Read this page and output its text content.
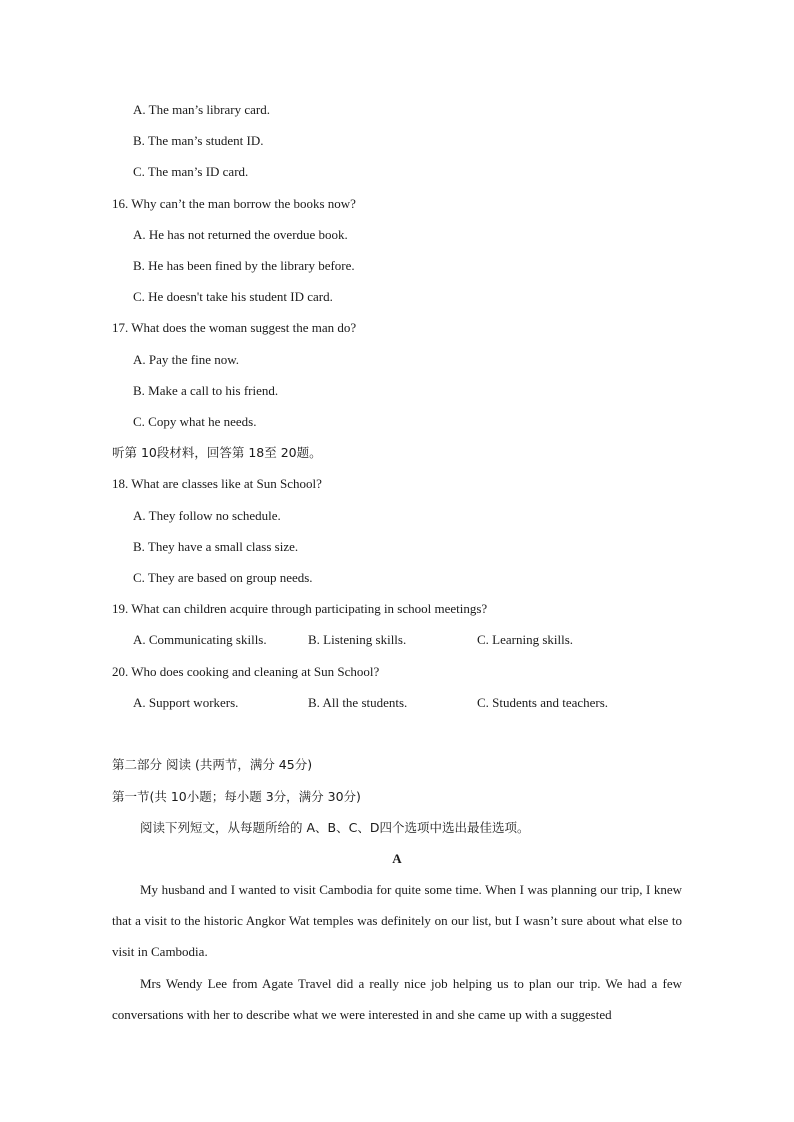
A. The man’s library card.
B. The man’s student ID.
C. The man’s ID card.
16. Why can’t the man borrow the books now?
A. He has not returned the overdue book.
B. He has been fined by the library before.
C. He doesn't take his student ID card.
17. What does the woman suggest the man do?
A. Pay the fine now.
B. Make a call to his friend.
C. Copy what he needs.
听第 10段材料，回答第 18至 20题。
18. What are classes like at Sun School?
A. They follow no schedule.
B. They have a small class size.
C. They are based on group needs.
19. What can children acquire through participating in school meetings?
A. Communicating skills.	B. Listening skills.	C. Learning skills.
20. Who does cooking and cleaning at Sun School?
A. Support workers.	B. All the students.	C. Students and teachers.
第二部分 阅读 (共两节，满分 45分)
第一节(共 10小题；每小题 3分，满分 30分)
阅读下列短文，从每题所给的 A、B、C、D四个选项中选出最佳选项。
A
My husband and I wanted to visit Cambodia for quite some time. When I was planning our trip, I knew that a visit to the historic Angkor Wat temples was definitely on our list, but I wasn’t sure about what else to visit in Cambodia.
Mrs Wendy Lee from Agate Travel did a really nice job helping us to plan our trip. We had a few conversations with her to describe what we were interested in and she came up with a suggested
